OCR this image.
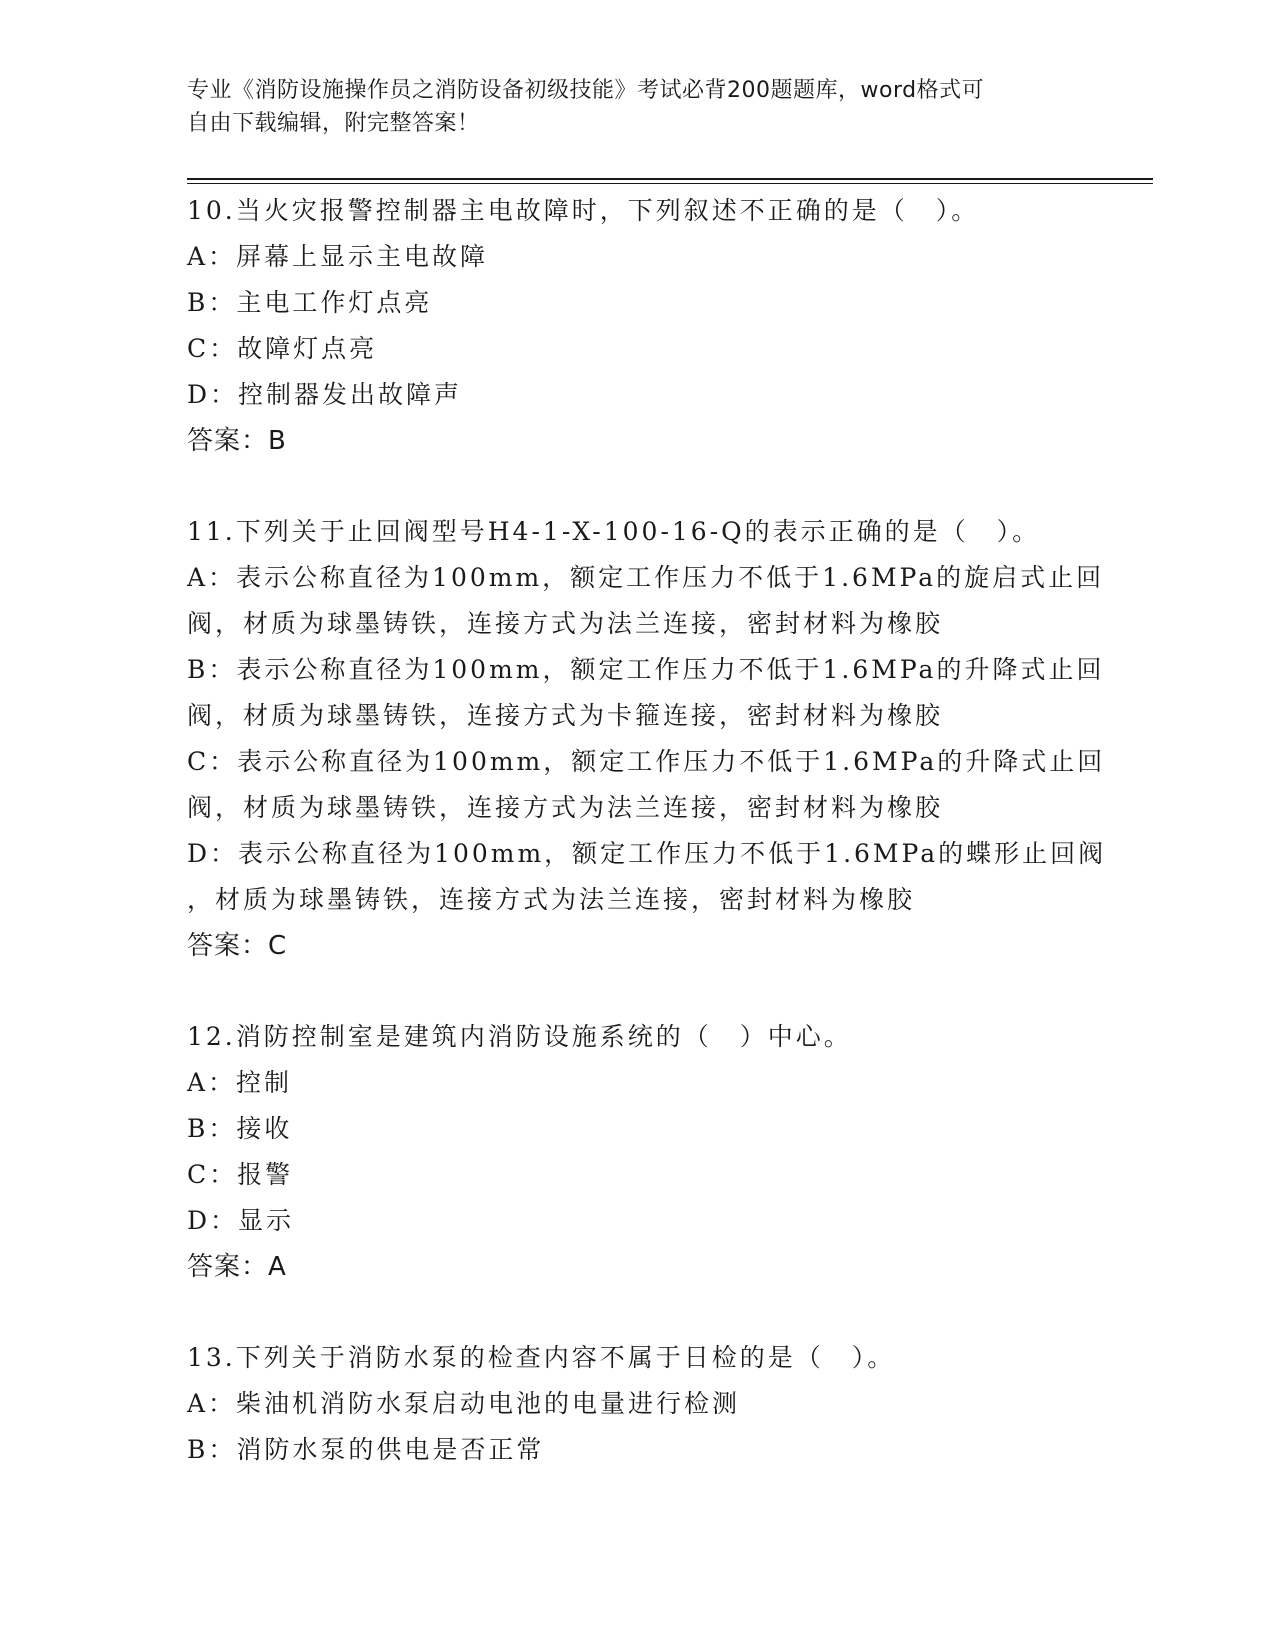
专业《消防设施操作员之消防设备初级技能》考试必背200题题库，word格式可
自由下载编辑，附完整答案！
10.当火灾报警控制器主电故障时，下列叙述不正确的是（　）。
A：屏幕上显示主电故障
B：主电工作灯点亮
C：故障灯点亮
D：控制器发出故障声
答案：B
11.下列关于止回阀型号H4-1-X-100-16-Q的表示正确的是（　）。
A：表示公称直径为100mm，额定工作压力不低于1.6MPa的旋启式止回
阀，材质为球墨铸铁，连接方式为法兰连接，密封材料为橡胶
B：表示公称直径为100mm，额定工作压力不低于1.6MPa的升降式止回
阀，材质为球墨铸铁，连接方式为卡箍连接，密封材料为橡胶
C：表示公称直径为100mm，额定工作压力不低于1.6MPa的升降式止回
阀，材质为球墨铸铁，连接方式为法兰连接，密封材料为橡胶
D：表示公称直径为100mm，额定工作压力不低于1.6MPa的蝶形止回阀
，材质为球墨铸铁，连接方式为法兰连接，密封材料为橡胶
答案：C
12.消防控制室是建筑内消防设施系统的（　）中心。
A：控制
B：接收
C：报警
D：显示
答案：A
13.下列关于消防水泵的检查内容不属于日检的是（　）。
A：柴油机消防水泵启动电池的电量进行检测
B：消防水泵的供电是否正常
